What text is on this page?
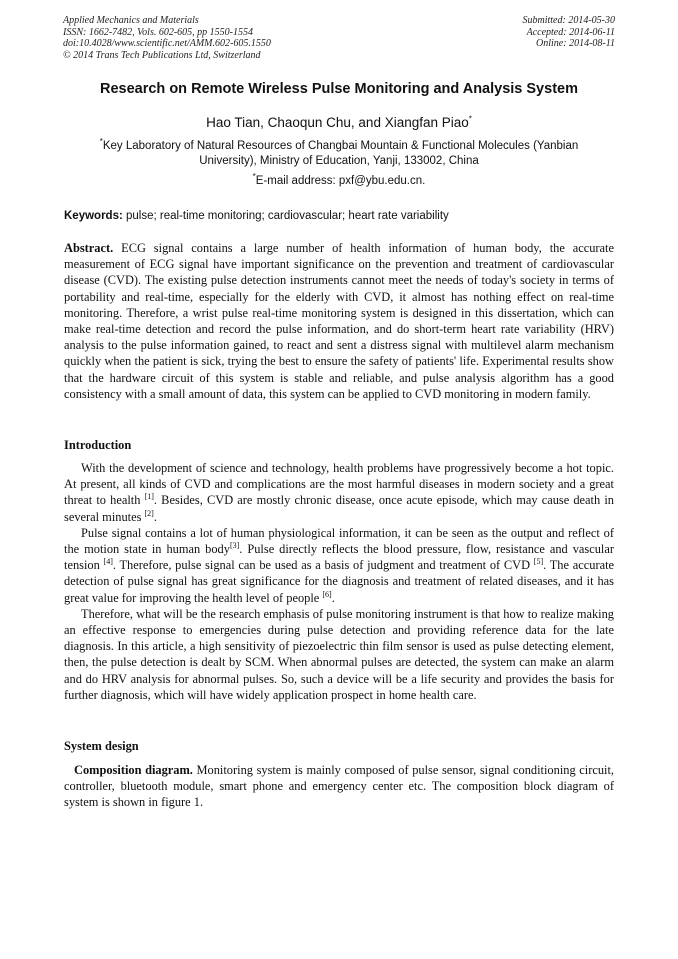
Applied Mechanics and Materials
ISSN: 1662-7482, Vols. 602-605, pp 1550-1554
doi:10.4028/www.scientific.net/AMM.602-605.1550
© 2014 Trans Tech Publications Ltd, Switzerland
Submitted: 2014-05-30
Accepted: 2014-06-11
Online: 2014-08-11
Research on Remote Wireless Pulse Monitoring and Analysis System
Hao Tian, Chaoqun Chu, and Xiangfan Piao*
*Key Laboratory of Natural Resources of Changbai Mountain & Functional Molecules (Yanbian University), Ministry of Education, Yanji, 133002, China
*E-mail address: pxf@ybu.edu.cn.
Keywords: pulse; real-time monitoring; cardiovascular; heart rate variability

Abstract. ECG signal contains a large number of health information of human body, the accurate measurement of ECG signal have important significance on the prevention and treatment of cardiovascular disease (CVD). The existing pulse detection instruments cannot meet the needs of today's society in terms of portability and real-time, especially for the elderly with CVD, it almost has nothing effect on real-time monitoring. Therefore, a wrist pulse real-time monitoring system is designed in this dissertation, which can make real-time detection and record the pulse information, and do short-term heart rate variability (HRV) analysis to the pulse information gained, to react and sent a distress signal with multilevel alarm mechanism quickly when the patient is sick, trying the best to ensure the safety of patients' life. Experimental results show that the hardware circuit of this system is stable and reliable, and pulse analysis algorithm has a good consistency with a small amount of data, this system can be applied to CVD monitoring in modern family.

Introduction

With the development of science and technology, health problems have progressively become a hot topic. At present, all kinds of CVD and complications are the most harmful diseases in modern society and a great threat to health [1]. Besides, CVD are mostly chronic disease, once acute episode, which may cause death in several minutes [2].

Pulse signal contains a lot of human physiological information, it can be seen as the output and reflect of the motion state in human body[3]. Pulse directly reflects the blood pressure, flow, resistance and vascular tension [4]. Therefore, pulse signal can be used as a basis of judgment and treatment of CVD [5]. The accurate detection of pulse signal has great significance for the diagnosis and treatment of related diseases, and it has great value for improving the health level of people [6].

Therefore, what will be the research emphasis of pulse monitoring instrument is that how to realize making an effective response to emergencies during pulse detection and providing reference data for the late diagnosis. In this article, a high sensitivity of piezoelectric thin film sensor is used as pulse detecting element, then, the pulse detection is dealt by SCM. When abnormal pulses are detected, the system can make an alarm and do HRV analysis for abnormal pulses. So, such a device will be a life security and provides the basis for further diagnosis, which will have widely application prospect in home health care.

System design

Composition diagram. Monitoring system is mainly composed of pulse sensor, signal conditioning circuit, controller, bluetooth module, smart phone and emergency center etc. The composition block diagram of system is shown in figure 1.
